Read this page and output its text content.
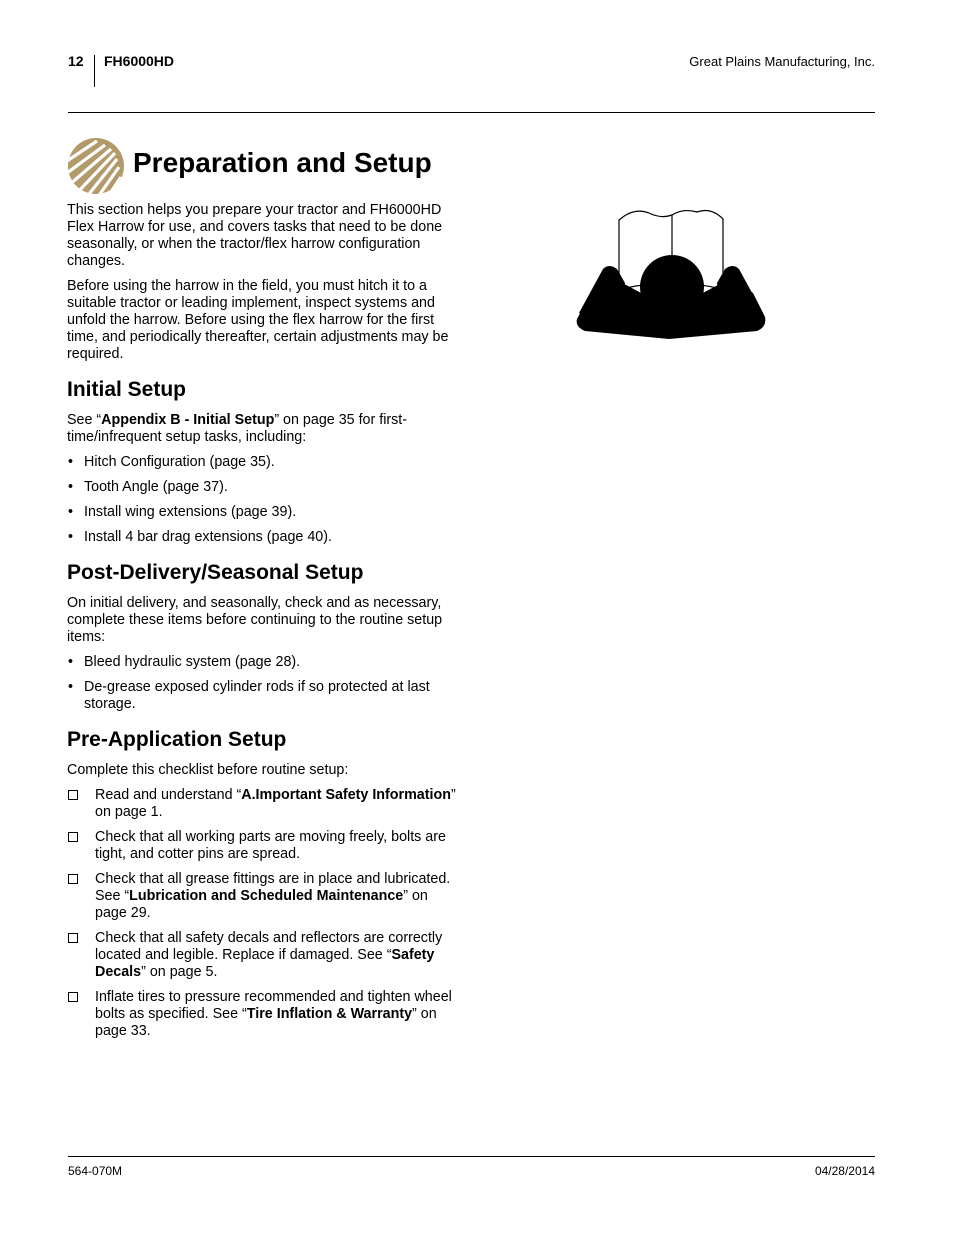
12 FH6000HD	Great Plains Manufacturing, Inc.
Preparation and Setup

This section helps you prepare your tractor and FH6000HD Flex Harrow for use, and covers tasks that need to be done seasonally, or when the tractor/flex harrow configuration changes.

Before using the harrow in the field, you must hitch it to a suitable tractor or leading implement, inspect systems and unfold the harrow. Before using the flex harrow for the first time, and periodically thereafter, certain adjustments may be required.

Initial Setup

See “Appendix B - Initial Setup” on page 35 for first-time/infrequent setup tasks, including:

• Hitch Configuration (page 35).
• Tooth Angle (page 37).
• Install wing extensions (page 39).
• Install 4 bar drag extensions (page 40).
Post-Delivery/Seasonal Setup

On initial delivery, and seasonally, check and as necessary, complete these items before continuing to the routine setup items:

• Bleed hydraulic system (page 28).
• De-grease exposed cylinder rods if so protected at last storage.
Pre-Application Setup

Complete this checklist before routine setup:

Read and understand “A.Important Safety Information” on page 1.
Check that all working parts are moving freely, bolts are tight, and cotter pins are spread.
Check that all grease fittings are in place and lubricated. See “Lubrication and Scheduled Maintenance” on page 29.
Check that all safety decals and reflectors are correctly located and legible. Replace if damaged. See “Safety Decals” on page 5.
Inflate tires to pressure recommended and tighten wheel bolts as specified. See “Tire Inflation & Warranty” on page 33.
564-070M	04/28/2014
